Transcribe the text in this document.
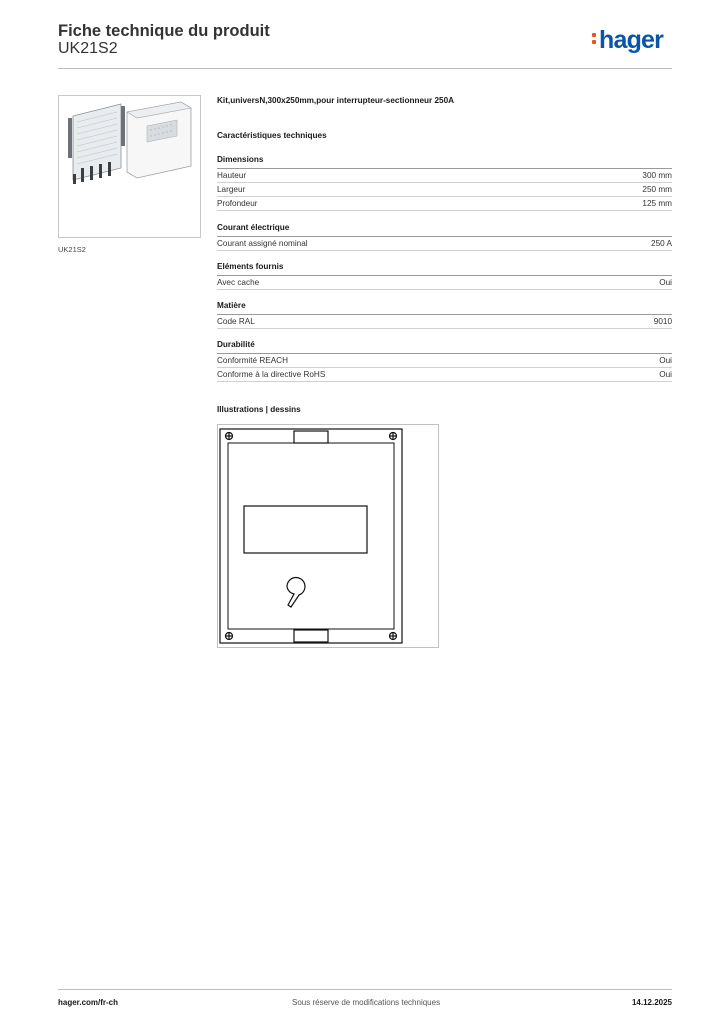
Fiche technique du produit
UK21S2	hager
UK21S2
Kit,universN,300x250mm,pour interrupteur-sectionneur 250A
Caractéristiques techniques
Dimensions
Hauteur	300 mm
Largeur	250 mm
Profondeur	125 mm
Courant électrique
Courant assigné nominal	250 A
Eléments fournis
Avec cache	Oui
Matière
Code RAL	9010
Durabilité
Conformité REACH	Oui
Conforme à la directive RoHS	Oui
Illustrations | dessins
hager.com/fr-ch	Sous réserve de modifications techniques	14.12.2025
